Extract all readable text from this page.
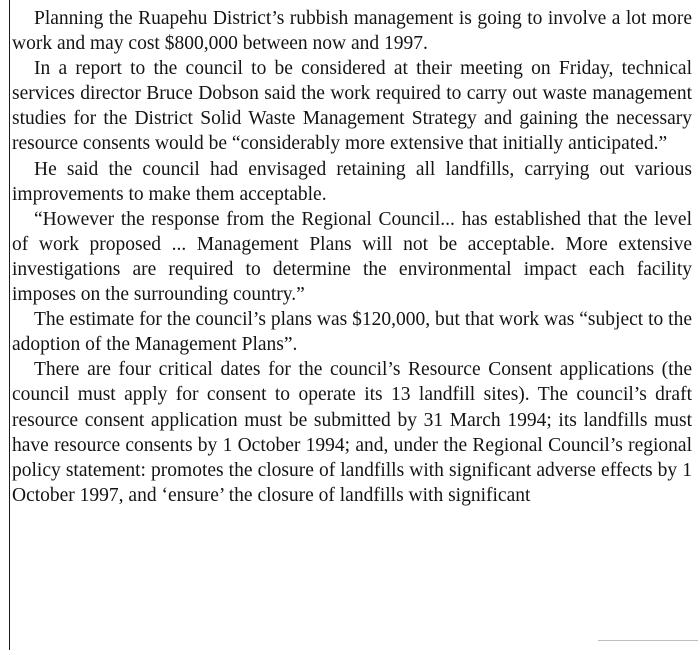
Planning the Ruapehu District’s rubbish management is going to involve a lot more work and may cost $800,000 between now and 1997.

In a report to the council to be considered at their meeting on Friday, technical services director Bruce Dobson said the work required to carry out waste management studies for the District Solid Waste Management Strategy and gaining the necessary resource consents would be “considerably more extensive that initially anticipated.”

He said the council had envisaged retaining all landfills, carrying out various improvements to make them acceptable.

“However the response from the Regional Council... has established that the level of work proposed ... Management Plans will not be acceptable. More extensive investigations are required to determine the environmental impact each facility imposes on the surrounding country.”

The estimate for the council’s plans was $120,000, but that work was “subject to the adoption of the Management Plans”.

There are four critical dates for the council’s Resource Consent applications (the council must apply for consent to operate its 13 landfill sites). The council’s draft resource consent application must be submitted by 31 March 1994; its landfills must have resource consents by 1 October 1994; and, under the Regional Council’s regional policy statement: promotes the closure of landfills with significant adverse effects by 1 October 1997, and ‘ensure’ the closure of landfills with significant
